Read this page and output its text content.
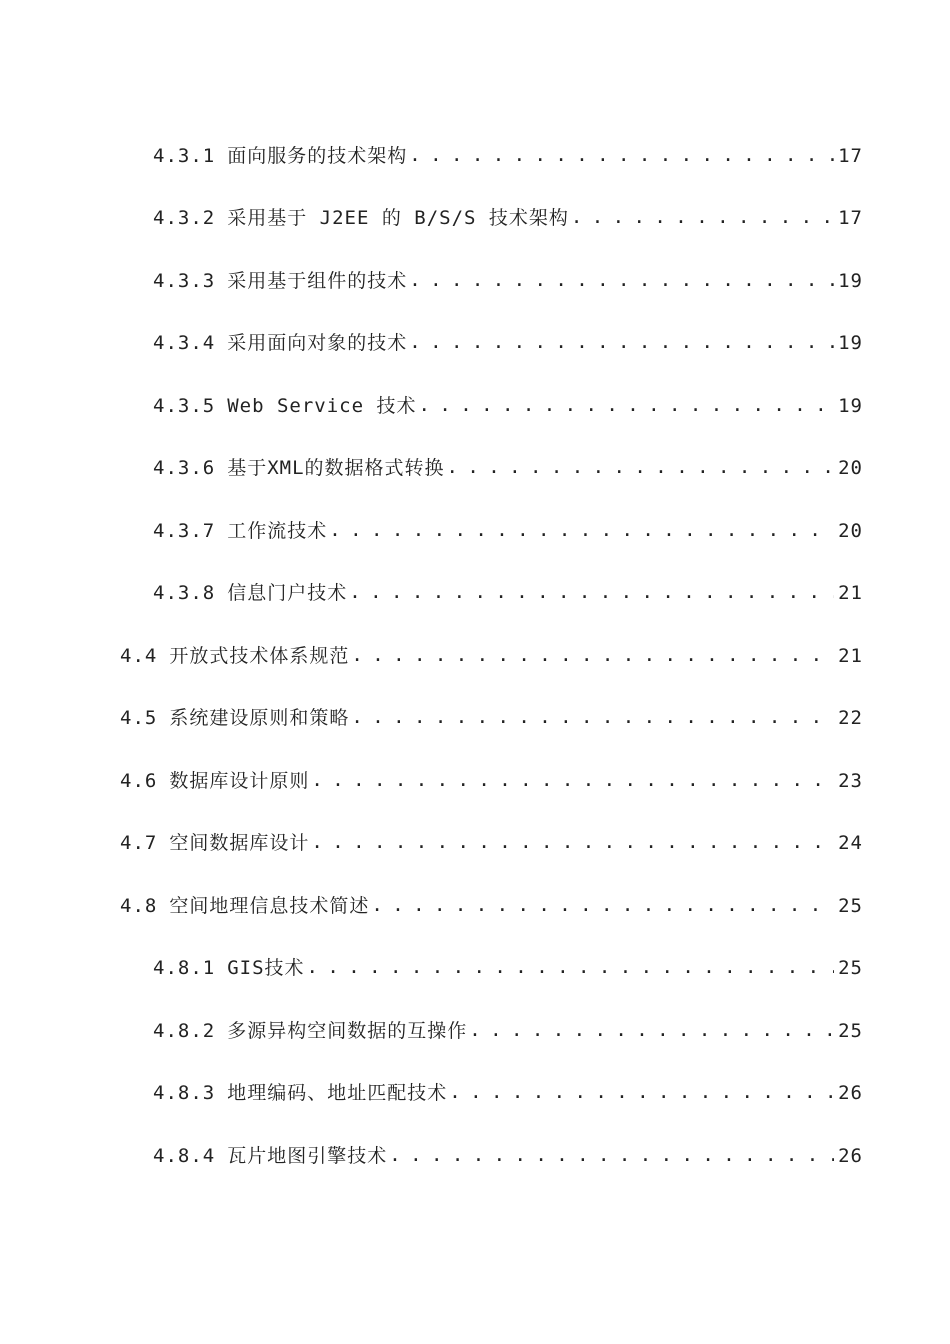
4.3.1 面向服务的技术架构 . . .	17
4.3.2 采用基于 J2EE 的 B/S/S 技术架构 . . .	17
4.3.3 采用基于组件的技术 . . .	19
4.3.4 采用面向对象的技术 . . .	19
4.3.5 Web Service 技术 . . .	19
4.3.6 基于XML的数据格式转换 . . .	20
4.3.7 工作流技术 . . .	20
4.3.8 信息门户技术 . . .	21
4.4 开放式技术体系规范 . . .	21
4.5 系统建设原则和策略 . . .	22
4.6 数据库设计原则 . . .	23
4.7 空间数据库设计 . . .	24
4.8 空间地理信息技术简述 . . .	25
4.8.1 GIS技术 . . .	25
4.8.2 多源异构空间数据的互操作 . . .	25
4.8.3 地理编码、地址匹配技术 . . .	26
4.8.4 瓦片地图引擎技术 . . .	26
